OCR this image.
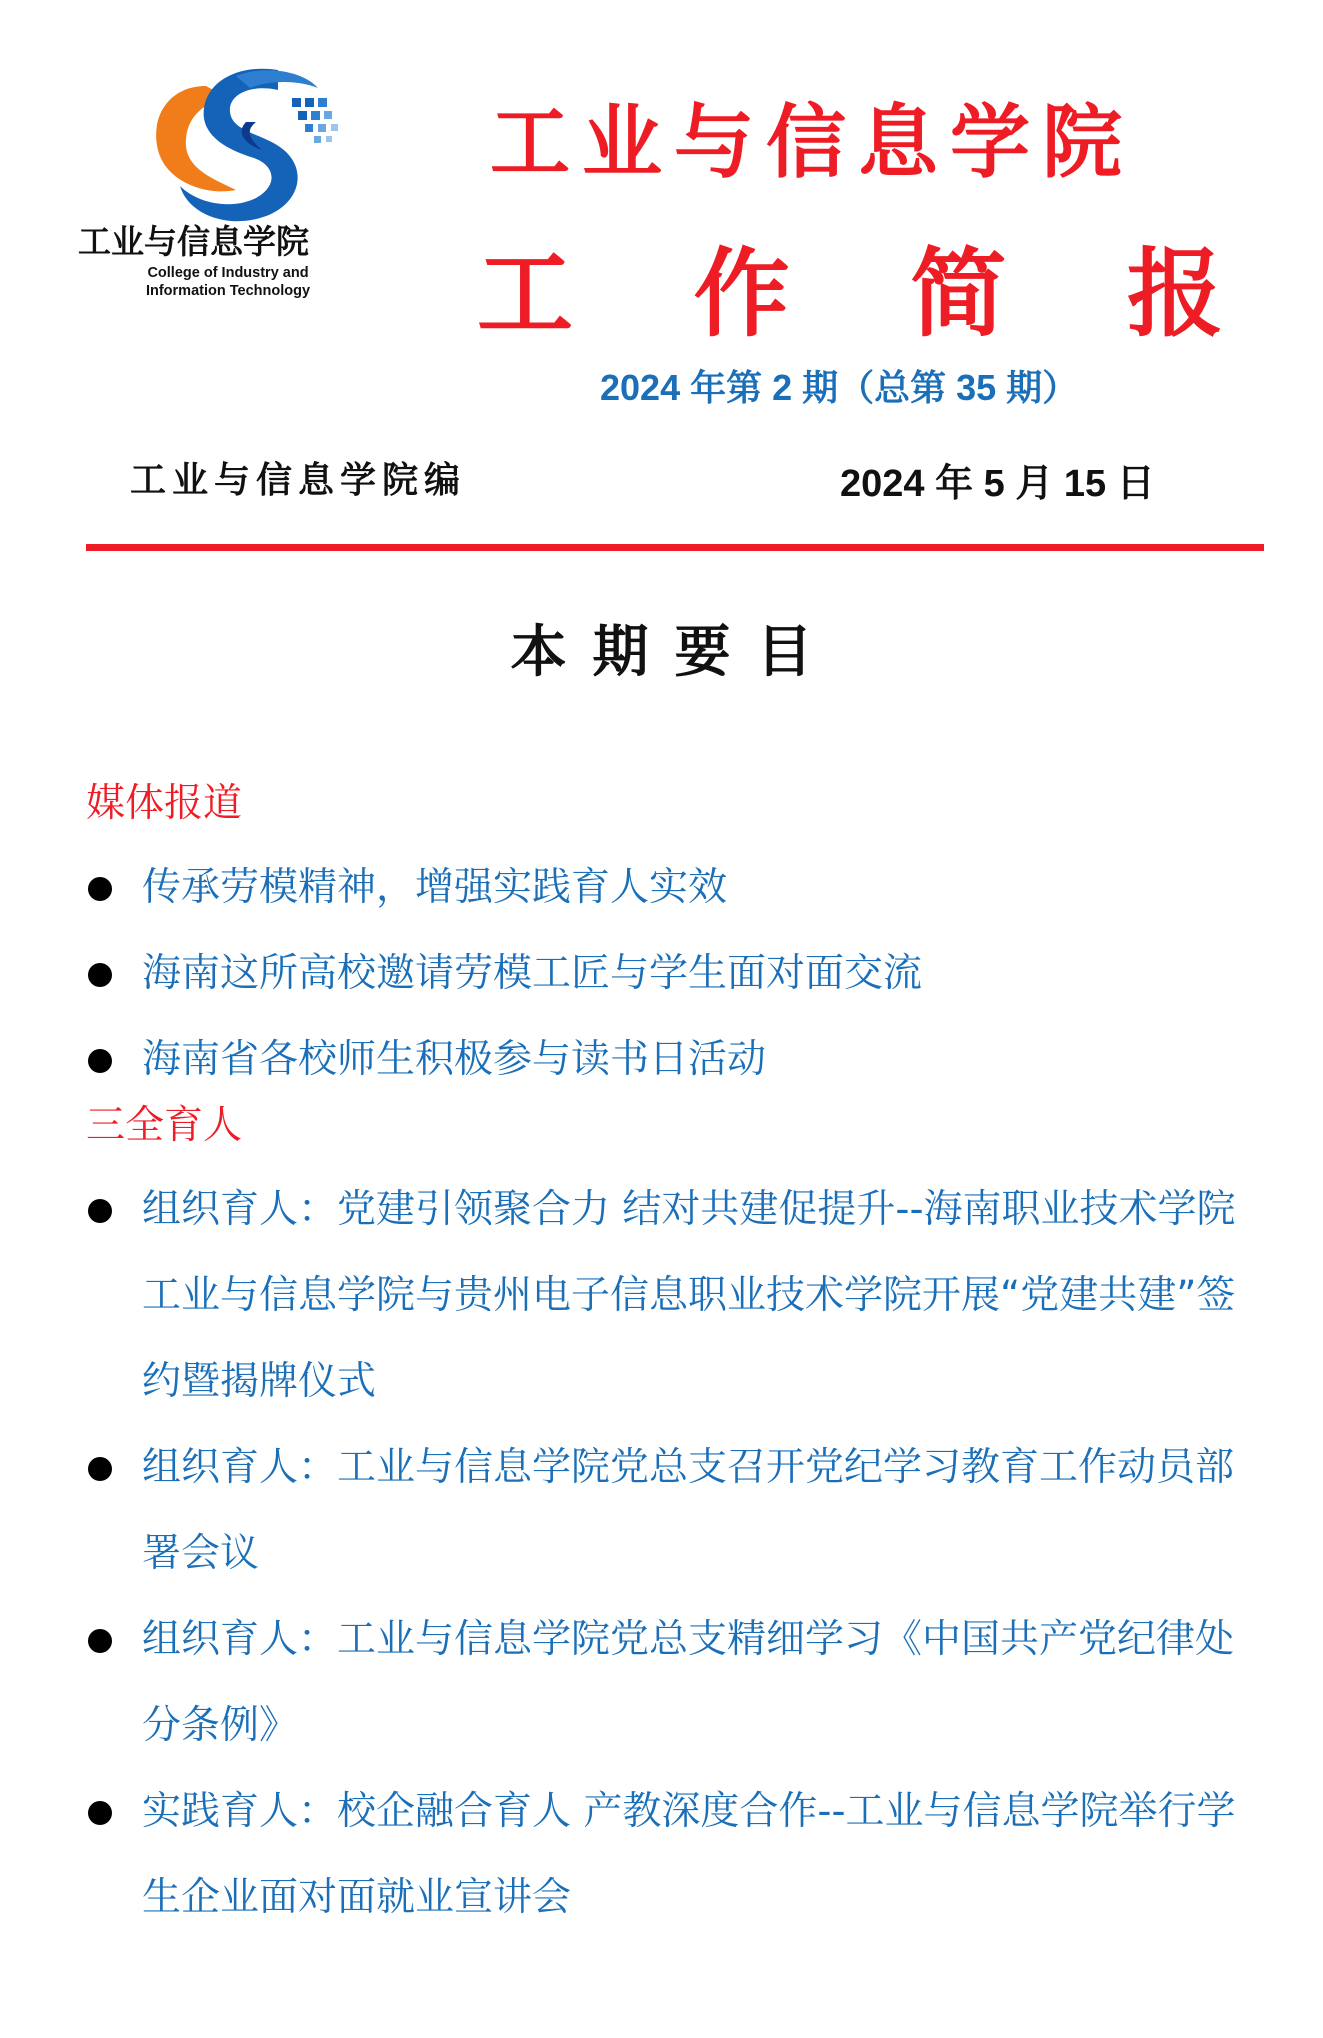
工业与信息学院
College of Industry and
Information Technology
工业与信息学院
工 作 简 报
2024 年第 2 期（总第 35 期）
工业与信息学院编	2024 年 5 月 15 日
本期要目
媒体报道
传承劳模精神，增强实践育人实效
海南这所高校邀请劳模工匠与学生面对面交流
海南省各校师生积极参与读书日活动
三全育人
组织育人：党建引领聚合力 结对共建促提升--海南职业技术学院工业与信息学院与贵州电子信息职业技术学院开展“党建共建”签约暨揭牌仪式
组织育人：工业与信息学院党总支召开党纪学习教育工作动员部署会议
组织育人：工业与信息学院党总支精细学习《中国共产党纪律处分条例》
实践育人：校企融合育人 产教深度合作--工业与信息学院举行学生企业面对面就业宣讲会
